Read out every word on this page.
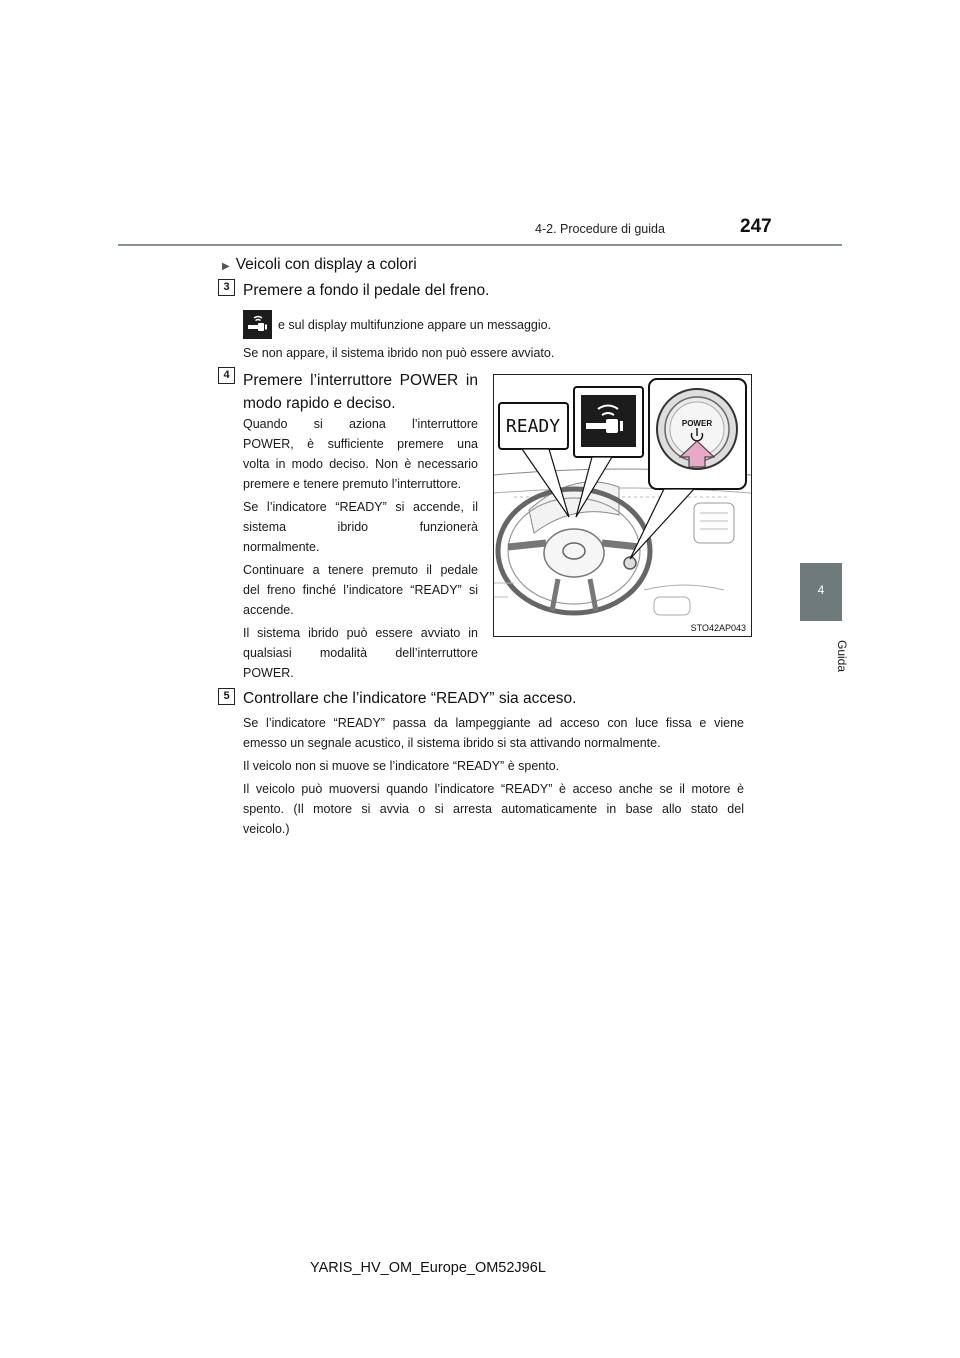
4-2. Procedure di guida	247
4
Guida
▶ Veicoli con display a colori
3 Premere a fondo il pedale del freno.
e sul display multifunzione appare un messaggio.
Se non appare, il sistema ibrido non può essere avviato.
4 Premere l’interruttore POWER in
modo rapido e deciso.
Quando si aziona l’interruttore
POWER, è sufficiente premere una
volta in modo deciso. Non è necessario
premere e tenere premuto l’interruttore.
Se l’indicatore “READY” si accende, il
sistema ibrido funzionerà
normalmente.
Continuare a tenere premuto il pedale
del freno finché l’indicatore “READY” si
accende.
Il sistema ibrido può essere avviato in
qualsiasi modalità dell’interruttore
POWER.
READY	POWER
STO42AP043
5 Controllare che l’indicatore “READY” sia acceso.
Se l’indicatore “READY” passa da lampeggiante ad acceso con luce fissa e viene
emesso un segnale acustico, il sistema ibrido si sta attivando normalmente.
Il veicolo non si muove se l’indicatore “READY” è spento.
Il veicolo può muoversi quando l’indicatore “READY” è acceso anche se il motore è
spento. (Il motore si avvia o si arresta automaticamente in base allo stato del
veicolo.)
YARIS_HV_OM_Europe_OM52J96L
